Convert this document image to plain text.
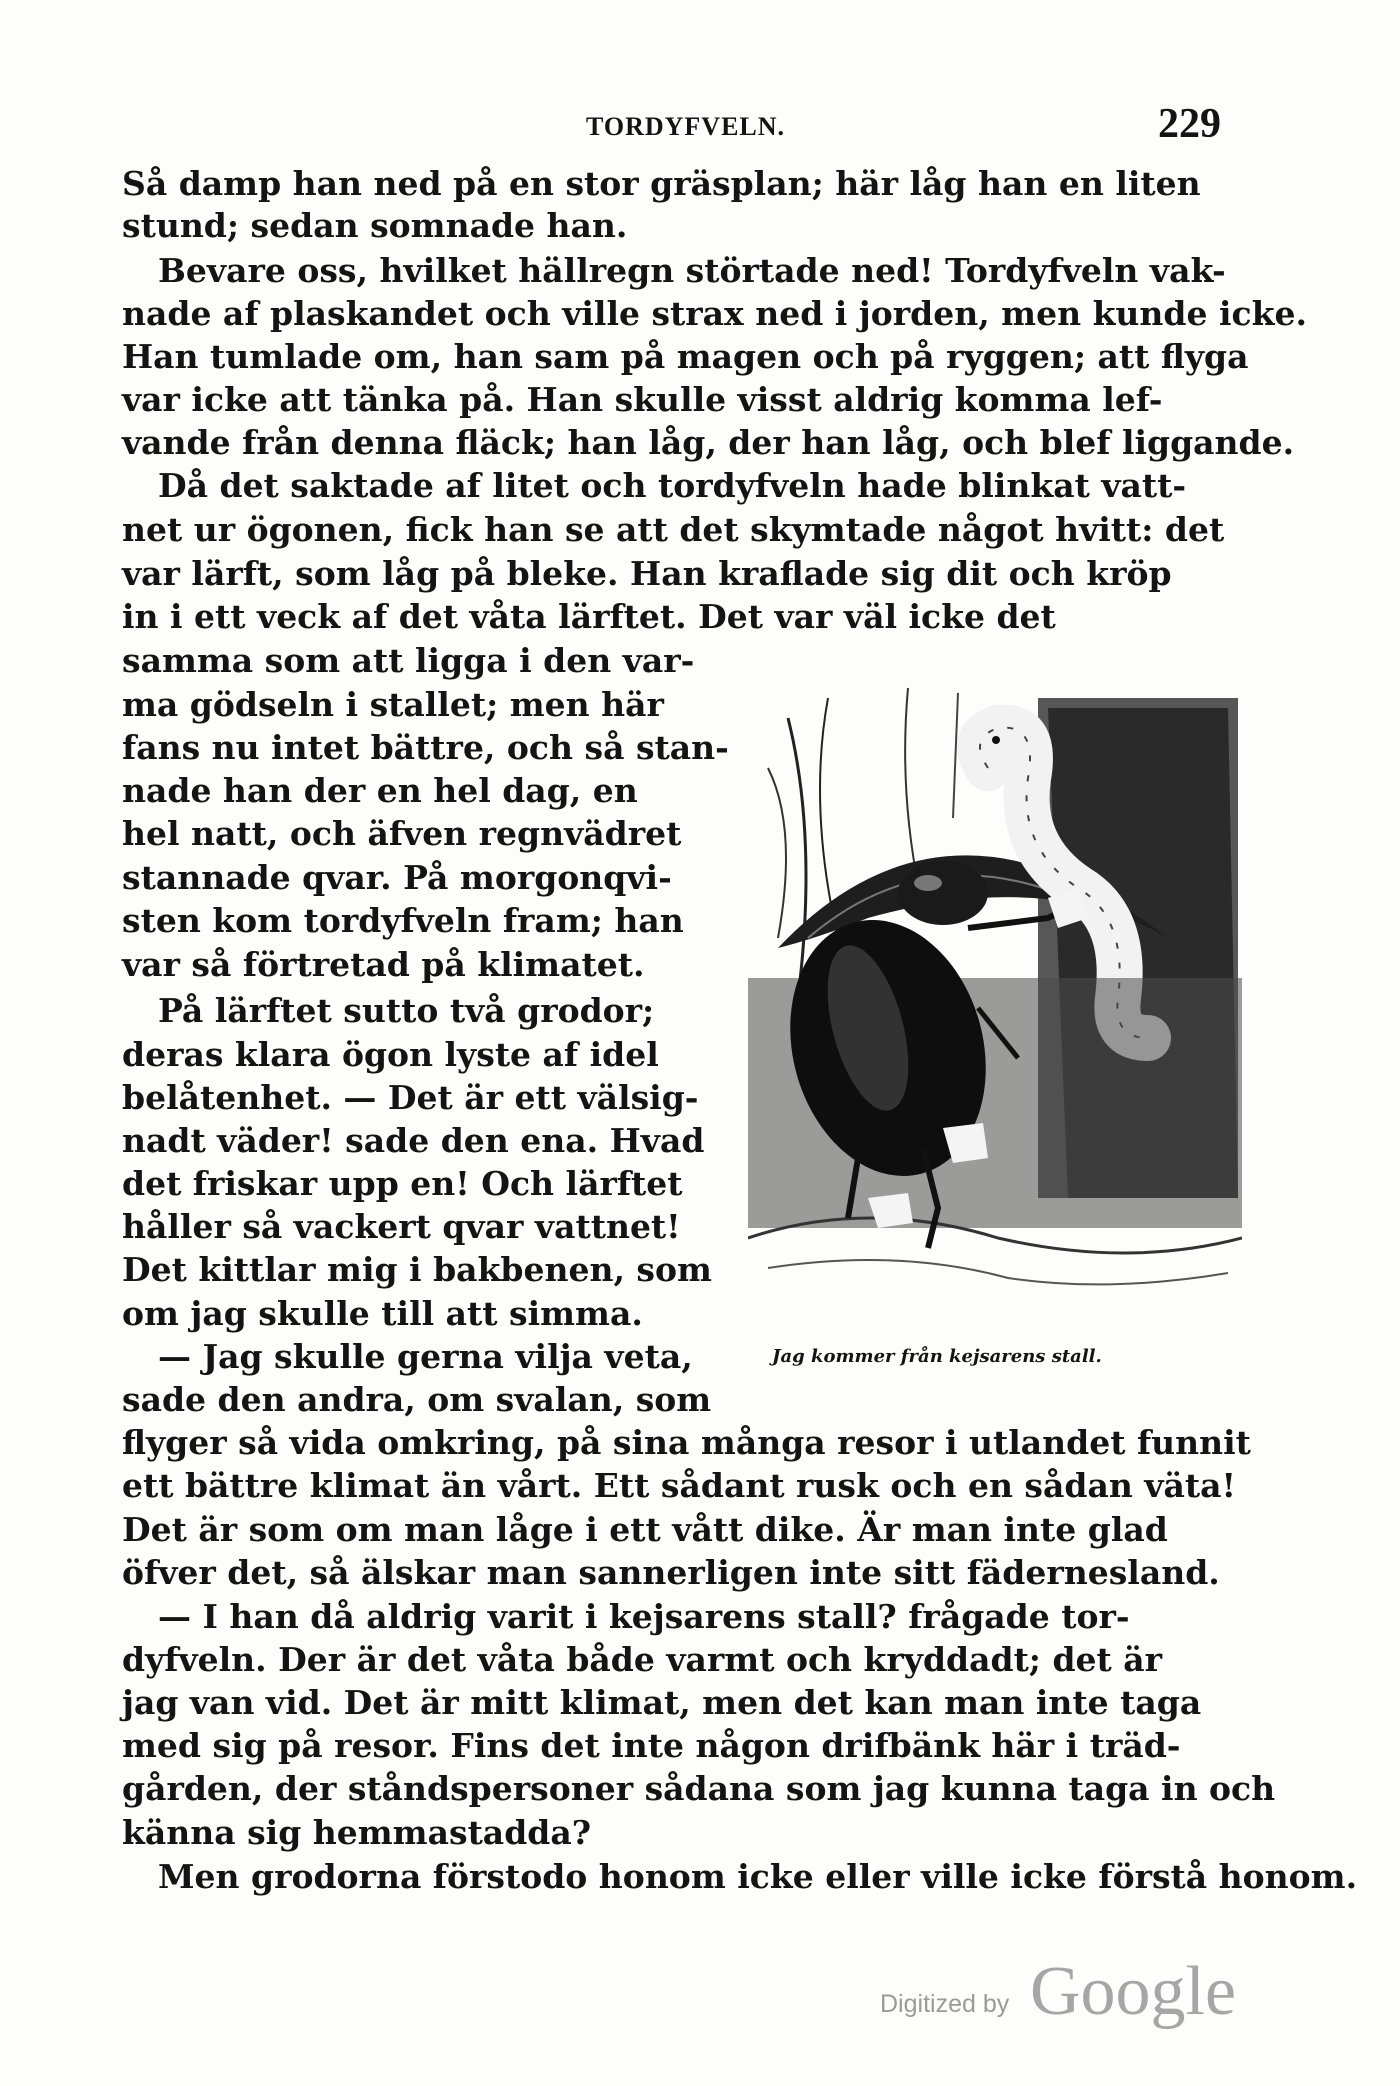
TORDYFVELN.	229
Så damp han ned på en stor gräsplan; här låg han en liten
stund; sedan somnade han.
Bevare oss, hvilket hällregn störtade ned! Tordyfveln vak-
nade af plaskandet och ville strax ned i jorden, men kunde icke.
Han tumlade om, han sam på magen och på ryggen; att flyga
var icke att tänka på. Han skulle visst aldrig komma lef-
vande från denna fläck; han låg, der han låg, och blef liggande.
Då det saktade af litet och tordyfveln hade blinkat vatt-
net ur ögonen, fick han se att det skymtade något hvitt: det
var lärft, som låg på bleke. Han kraflade sig dit och kröp
in i ett veck af det våta lärftet. Det var väl icke det
samma som att ligga i den var-
ma gödseln i stallet; men här
fans nu intet bättre, och så stan-
nade han der en hel dag, en
hel natt, och äfven regnvädret
stannade qvar. På morgonqvi-
sten kom tordyfveln fram; han
var så förtretad på klimatet.
På lärftet sutto två grodor;
deras klara ögon lyste af idel
belåtenhet. — Det är ett välsig-
nadt väder! sade den ena. Hvad
det friskar upp en! Och lärftet
håller så vackert qvar vattnet!
Det kittlar mig i bakbenen, som
om jag skulle till att simma.
— Jag skulle gerna vilja veta,
sade den andra, om svalan, som
flyger så vida omkring, på sina många resor i utlandet funnit
ett bättre klimat än vårt. Ett sådant rusk och en sådan väta!
Det är som om man låge i ett vått dike. Är man inte glad
öfver det, så älskar man sannerligen inte sitt fädernesland.
— I han då aldrig varit i kejsarens stall? frågade tor-
dyfveln. Der är det våta både varmt och kryddadt; det är
jag van vid. Det är mitt klimat, men det kan man inte taga
med sig på resor. Fins det inte någon drifbänk här i träd-
gården, der ståndspersoner sådana som jag kunna taga in och
känna sig hemmastadda?
Men grodorna förstodo honom icke eller ville icke förstå honom.
Jag kommer från kejsarens stall.
Digitized by Google
